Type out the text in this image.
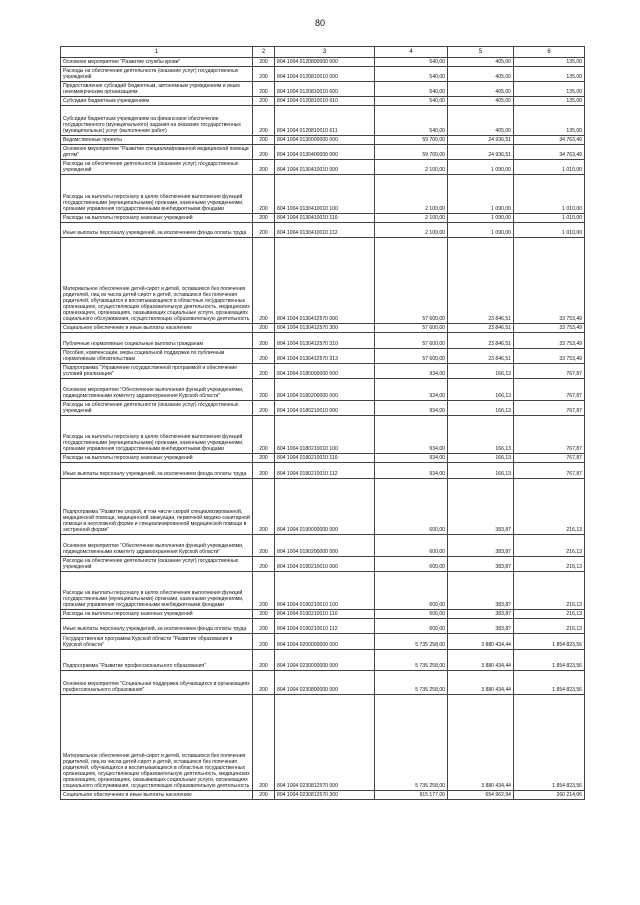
80
1	2	3	4	5	6
Основное мероприятие "Развитие службы крови"	200	804 1004 0120800000 000	540,00	405,00	135,00
Расходы на обеспечение деятельности (оказание услуг) государственных учреждений	200	804 1004 0120810010 000	540,00	405,00	135,00
Предоставление субсидий бюджетным, автономным учреждениям и иным некоммерческим организациям	200	804 1004 0120810010 600	540,00	405,00	135,00
Субсидии бюджетным учреждениям	200	804 1004 0120810010 610	540,00	405,00	135,00
Субсидии бюджетным учреждениям на финансовое обеспечение государственного (муниципального) задания на оказание государственных (муниципальных) услуг (выполнение работ)	200	804 1004 0120810010 611	540,00	405,00	135,00
Ведомственные проекты	200	804 1004 0130000000 000	59 700,00	24 936,51	34 763,49
Основное мероприятие "Развитие специализированной медицинской помощи детям"	200	804 1004 0130400000 000	59 700,00	24 936,51	34 763,49
Расходы на обеспечение деятельности (оказание услуг) государственных учреждений	200	804 1004 0130410010 000	2 100,00	1 090,00	1 010,00
Расходы на выплаты персоналу в целях обеспечения выполнения функций государственными (муниципальными) органами, казенными учреждениями, органами управления государственными внебюджетными фондами	200	804 1004 0130410010 100	2 100,00	1 090,00	1 010,00
Расходы на выплаты персоналу казенных учреждений	200	804 1004 0130410010 110	2 100,00	1 090,00	1 010,00
Иные выплаты персоналу учреждений, за исключением фонда оплаты труда	200	804 1004 0130410010 112	2 100,00	1 090,00	1 010,00
Материальное обеспечение детей-сирот и детей, оставшихся без попечения родителей, лиц из числа детей-сирот и детей, оставшихся без попечения родителей, обучающихся и воспитывающихся в областных государственных организациях, осуществляющих образовательную деятельность, медицинских организациях, организациях, оказывающих социальные услуги, организациях социального обслуживания, осуществляющих образовательную деятельность	200	804 1004 0130412570 000	57 600,00	23 846,51	33 753,49
Социальное обеспечение и иные выплаты населению	200	804 1004 0130412570 300	57 600,00	23 846,51	33 753,49
Публичные нормативные социальные выплаты гражданам	200	804 1004 0130412570 310	57 600,00	23 846,51	33 753,49
Пособия, компенсации, меры социальной поддержки по публичным нормативным обязательствам	200	804 1004 0130412570 313	57 600,00	23 846,51	33 753,49
Подпрограмма "Управление государственной программой и обеспечение условий реализации"	200	804 1004 0180000000 000	934,00	166,13	767,87
Основное мероприятие "Обеспечение выполнения функций учреждениями, подведомственными комитету здравоохранения Курской области"	200	804 1004 0180200000 000	934,00	166,13	767,87
Расходы на обеспечение деятельности (оказание услуг) государственных учреждений	200	804 1004 0180210010 000	934,00	166,13	767,87
Расходы на выплаты персоналу в целях обеспечения выполнения функций государственными (муниципальными) органами, казенными учреждениями, органами управления государственными внебюджетными фондами	200	804 1004 0180210010 100	934,00	166,13	767,87
Расходы на выплаты персоналу казенных учреждений	200	804 1004 0180210010 110	934,00	166,13	767,87
Иные выплаты персоналу учреждений, за исключением фонда оплаты труда	200	804 1004 0180210010 112	934,00	166,13	767,87
Подпрограмма "Развитие скорой, в том числе скорой специализированной, медицинской помощи, медицинской эвакуации, первичной медико-санитарной помощи в неотложной форме и специализированной медицинской помощи в экстренной форме"	200	804 1004 0190000000 000	600,00	383,87	216,13
Основное мероприятие "Обеспечение выполнения функций учреждениями, подведомственными комитету здравоохранения Курской области"	200	804 1004 0190200000 000	600,00	383,87	216,13
Расходы на обеспечение деятельности (оказание услуг) государственных учреждений	200	804 1004 0190210010 000	600,00	383,87	216,13
Расходы на выплаты персоналу в целях обеспечения выполнения функций государственными (муниципальными) органами, казенными учреждениями, органами управления государственными внебюджетными фондами	200	804 1004 0190210010 100	600,00	383,87	216,13
Расходы на выплаты персоналу казенных учреждений	200	804 1004 0190210010 110	600,00	383,87	216,13
Иные выплаты персоналу учреждений, за исключением фонда оплаты труда	200	804 1004 0190210010 112	600,00	383,87	216,13
Государственная программа Курской области "Развитие образования в Курской области"	200	804 1004 0200000000 000	5 735 258,00	3 880 434,44	1 854 823,56
Подпрограмма "Развитие профессионального образования"	200	804 1004 0230000000 000	5 735 258,00	3 880 434,44	1 854 823,56
Основное мероприятие "Социальная поддержка обучающихся в организациях профессионального образования"	200	804 1004 0230800000 000	5 735 258,00	3 880 434,44	1 854 823,56
Материальное обеспечение детей-сирот и детей, оставшихся без попечения родителей, лиц из числа детей-сирот и детей, оставшихся без попечения родителей, обучающихся и воспитывающихся в областных государственных организациях, осуществляющих образовательную деятельность, медицинских организациях, организациях, оказывающих социальные услуги, организациях социального обслуживания, осуществляющих образовательную деятельность	200	804 1004 0230812570 000	5 735 258,00	3 880 434,44	1 854 823,56
Социальное обеспечение и иные выплаты населению	200	804 1004 0230812570 300	915 177,00	654 962,94	260 214,06
